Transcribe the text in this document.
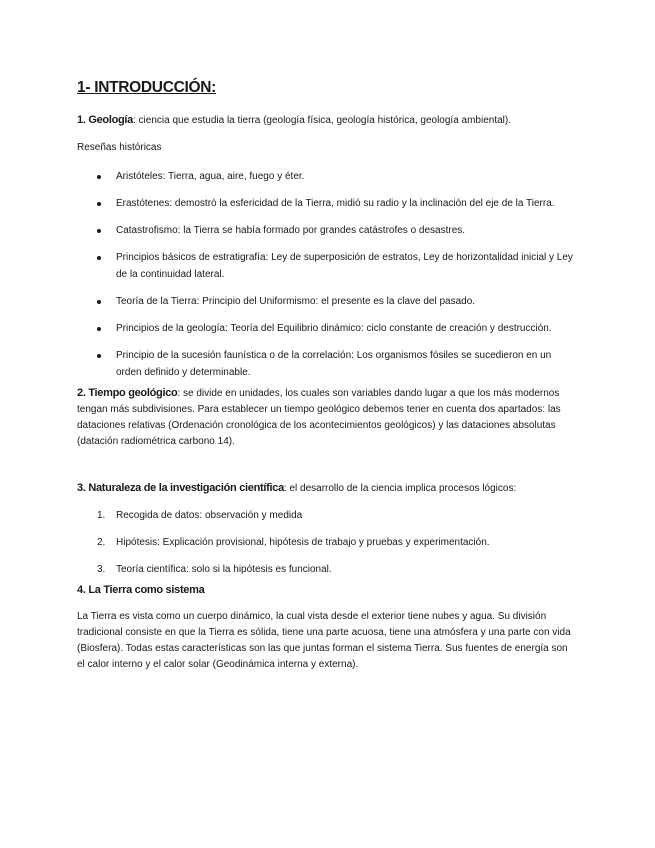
1- INTRODUCCIÓN:

1. Geología: ciencia que estudia la tierra (geología física, geología histórica, geología ambiental).

Reseñas históricas

Aristóteles: Tierra, agua, aire, fuego y éter.
Erastótenes: demostró la esfericidad de la Tierra, midió su radio y la inclinación del eje de la Tierra.
Catastrofismo: la Tierra se había formado por grandes catástrofes o desastres.
Principios básicos de estratigrafía: Ley de superposición de estratos, Ley de horizontalidad inicial y Ley de la continuidad lateral.
Teoría de la Tierra: Principio del Uniformismo: el presente es la clave del pasado.
Principios de la geología: Teoría del Equilibrio dinámico: ciclo constante de creación y destrucción.
Principio de la sucesión faunística o de la correlación: Los organismos fósiles se sucedieron en un orden definido y determinable.

2. Tiempo geológico: se divide en unidades, los cuales son variables dando lugar a que los más modernos tengan más subdivisiones. Para establecer un tiempo geológico debemos tener en cuenta dos apartados: las dataciones relativas (Ordenación cronológica de los acontecimientos geológicos) y las dataciones absolutas (datación radiométrica carbono 14).

3. Naturaleza de la investigación científica: el desarrollo de la ciencia implica procesos lógicos:

1. Recogida de datos: observación y medida
2. Hipótesis: Explicación provisional, hipótesis de trabajo y pruebas y experimentación.
3. Teoría científica: solo si la hipótesis es funcional.

4. La Tierra como sistema

La Tierra es vista como un cuerpo dinámico, la cual vista desde el exterior tiene nubes y agua. Su división tradicional consiste en que la Tierra es sólida, tiene una parte acuosa, tiene una atmósfera y una parte con vida (Biosfera). Todas estas características son las que juntas forman el sistema Tierra. Sus fuentes de energía son el calor interno y el calor solar (Geodinámica interna y externa).
